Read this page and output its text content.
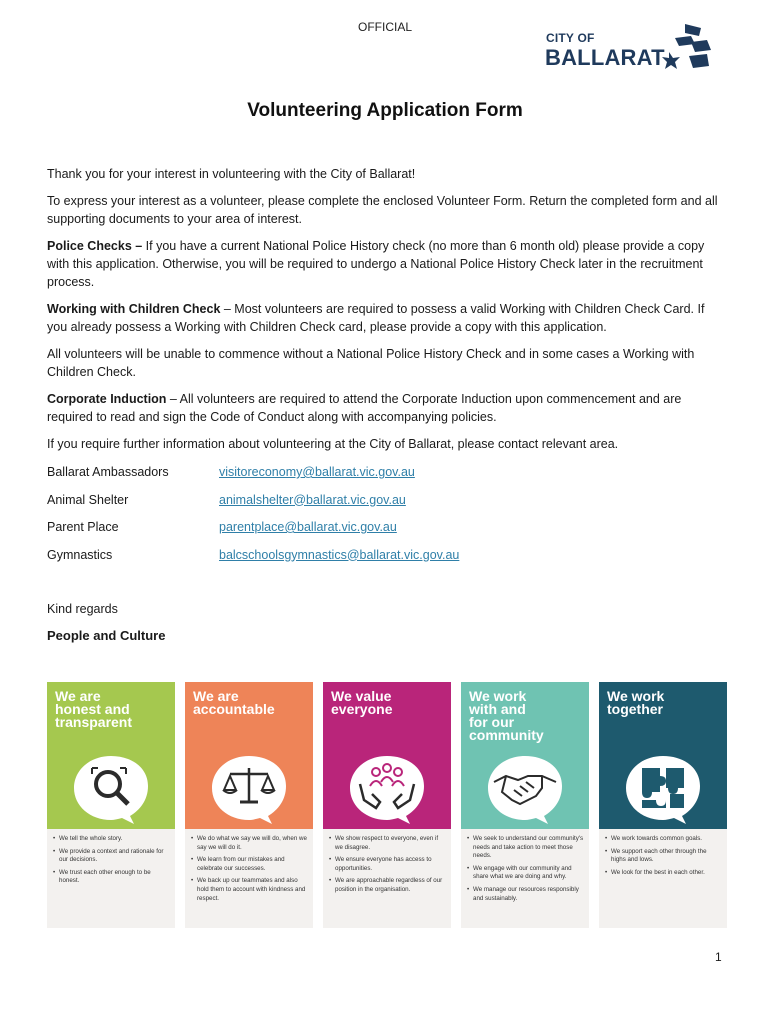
OFFICIAL
CITY OF
BALLARAT
Volunteering Application Form

Thank you for your interest in volunteering with the City of Ballarat!

To express your interest as a volunteer, please complete the enclosed Volunteer Form. Return the completed form and all supporting documents to your area of interest.

Police Checks – If you have a current National Police History check (no more than 6 month old) please provide a copy with this application. Otherwise, you will be required to undergo a National Police History Check later in the recruitment process.

Working with Children Check – Most volunteers are required to possess a valid Working with Children Check Card. If you already possess a Working with Children Check card, please provide a copy with this application.

All volunteers will be unable to commence without a National Police History Check and in some cases a Working with Children Check.

Corporate Induction – All volunteers are required to attend the Corporate Induction upon commencement and are required to read and sign the Code of Conduct along with accompanying policies.

If you require further information about volunteering at the City of Ballarat, please contact relevant area.

Ballarat Ambassadors	visitoreconomy@ballarat.vic.gov.au
Animal Shelter	animalshelter@ballarat.vic.gov.au
Parent Place	parentplace@ballarat.vic.gov.au
Gymnastics	balcschoolsgymnastics@ballarat.vic.gov.au
Kind regards
People and Culture
We are
honest and
transparent
• We tell the whole story.
• We provide a context and rationale for our decisions.
• We trust each other enough to be honest.
We are
accountable
• We do what we say we will do, when we say we will do it.
• We learn from our mistakes and celebrate our successes.
• We back up our teammates and also hold them to account with kindness and respect.
We value
everyone
• We show respect to everyone, even if we disagree.
• We ensure everyone has access to opportunities.
• We are approachable regardless of our position in the organisation.
We work
with and
for our
community
• We seek to understand our community's needs and take action to meet those needs.
• We engage with our community and share what we are doing and why.
• We manage our resources responsibly and sustainably.
We work
together
• We work towards common goals.
• We support each other through the highs and lows.
• We look for the best in each other.
1
